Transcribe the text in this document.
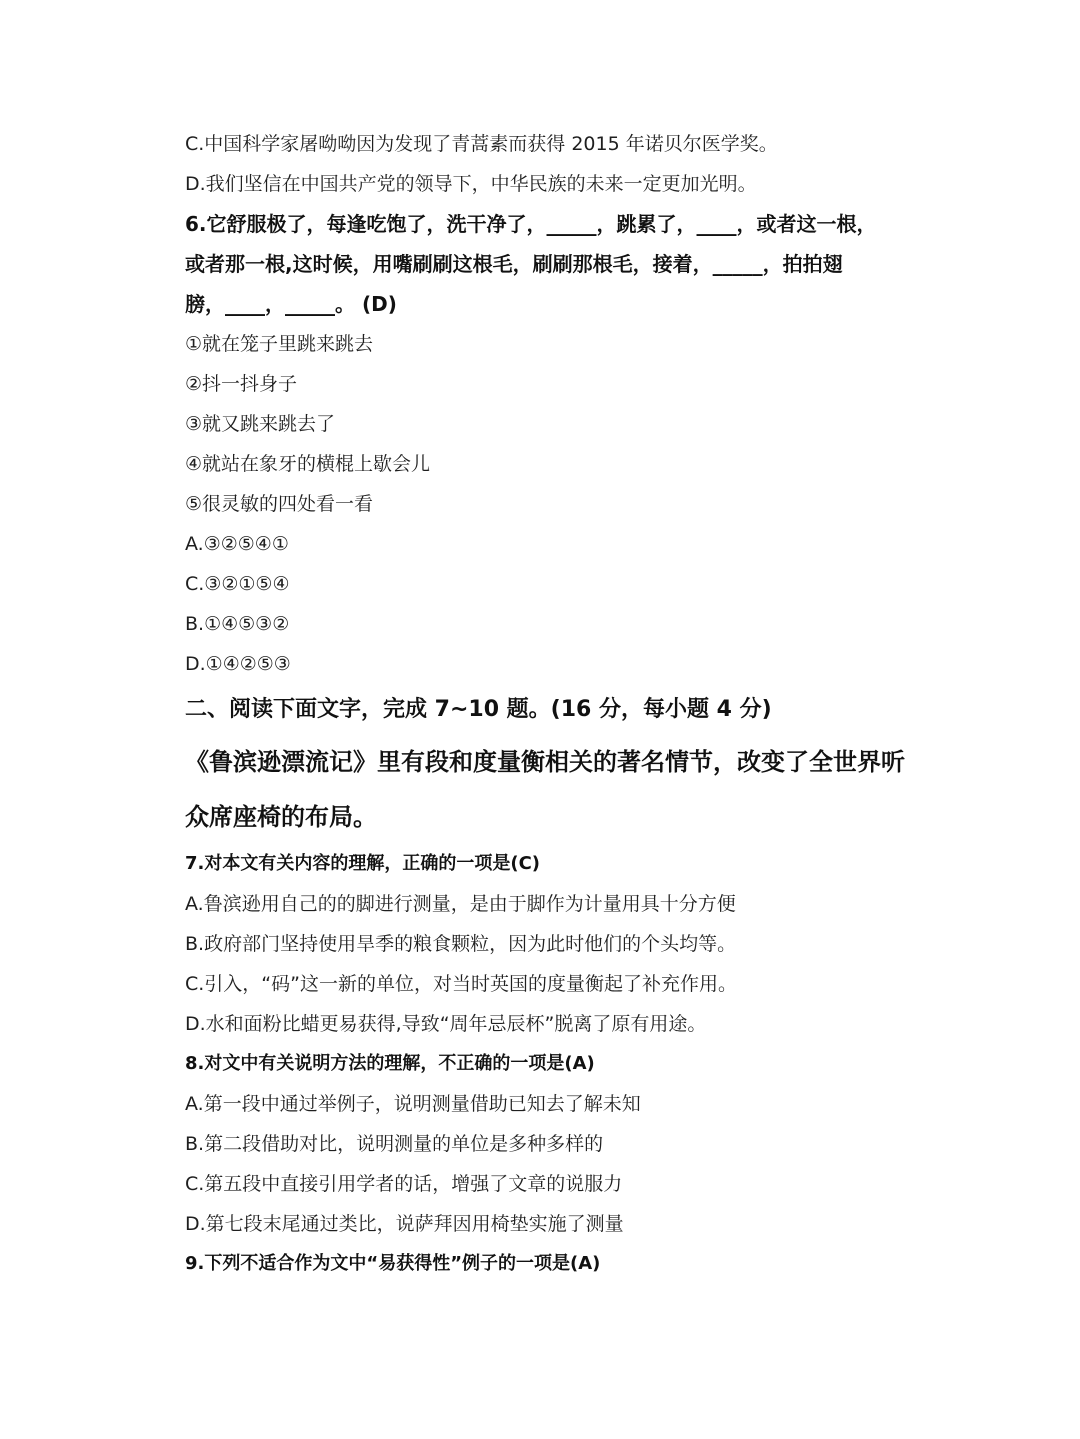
C.中国科学家屠呦呦因为发现了青蒿素而获得 2015 年诺贝尔医学奖。
D.我们坚信在中国共产党的领导下，中华民族的未来一定更加光明。
6.它舒服极了，每逢吃饱了，洗干净了，_____，跳累了，____，或者这一根，
或者那一根,这时候，用嘴刷刷这根毛，刷刷那根毛，接着，_____，拍拍翅
膀，____，_____。 (D)
①就在笼子里跳来跳去
②抖一抖身子
③就又跳来跳去了
④就站在象牙的横棍上歇会儿
⑤很灵敏的四处看一看
A.③②⑤④①
C.③②①⑤④
B.①④⑤③②
D.①④②⑤③
二、阅读下面文字，完成 7~10 题。(16 分，每小题 4 分)
《鲁滨逊漂流记》里有段和度量衡相关的著名情节，改变了全世界听
众席座椅的布局。
7.对本文有关内容的理解，正确的一项是(C)
A.鲁滨逊用自己的的脚进行测量，是由于脚作为计量用具十分方便
B.政府部门坚持使用旱季的粮食颗粒，因为此时他们的个头均等。
C.引入，“码”这一新的单位，对当时英国的度量衡起了补充作用。
D.水和面粉比蜡更易获得,导致“周年忌辰杯”脱离了原有用途。
8.对文中有关说明方法的理解，不正确的一项是(A)
A.第一段中通过举例子，说明测量借助已知去了解未知
B.第二段借助对比，说明测量的单位是多种多样的
C.第五段中直接引用学者的话，增强了文章的说服力
D.第七段末尾通过类比，说萨拜因用椅垫实施了测量
9.下列不适合作为文中“易获得性”例子的一项是(A)
